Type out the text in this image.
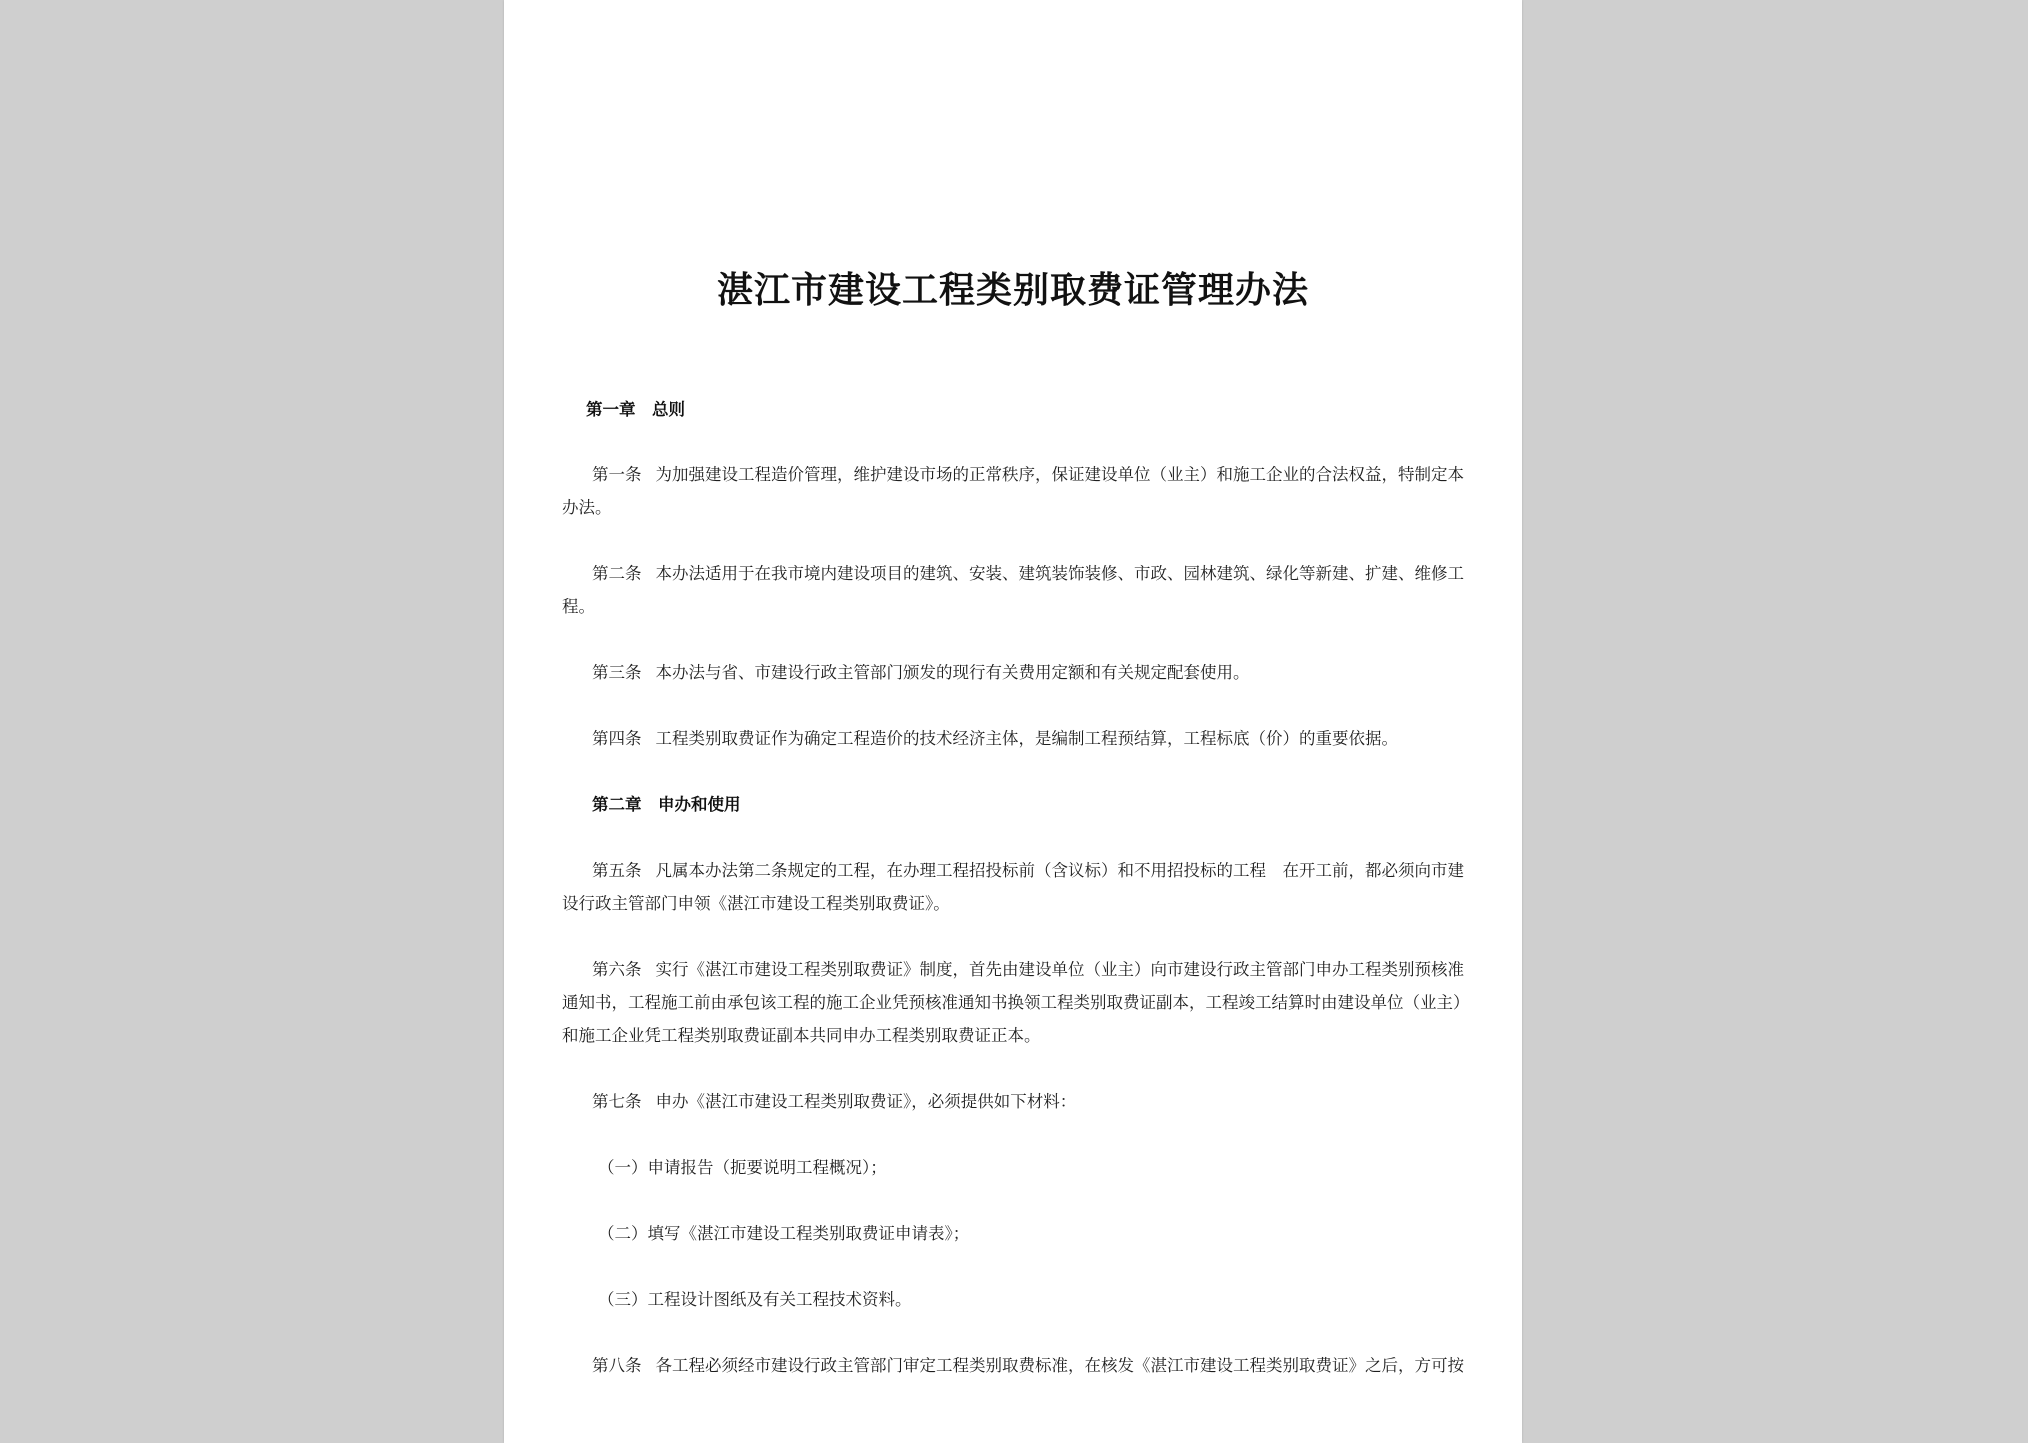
湛江市建设工程类别取费证管理办法
第一章　总则
第一条 为加强建设工程造价管理，维护建设市场的正常秩序，保证建设单位（业主）和施工企业的合法权益，特制定本
办法。
第二条 本办法适用于在我市境内建设项目的建筑、安装、建筑装饰装修、市政、园林建筑、绿化等新建、扩建、维修工
程。
第三条 本办法与省、市建设行政主管部门颁发的现行有关费用定额和有关规定配套使用。
第四条 工程类别取费证作为确定工程造价的技术经济主体，是编制工程预结算，工程标底（价）的重要依据。
第二章　申办和使用
第五条 凡属本办法第二条规定的工程，在办理工程招投标前（含议标）和不用招投标的工程　在开工前，都必须向市建
设行政主管部门申领《湛江市建设工程类别取费证》。
第六条 实行《湛江市建设工程类别取费证》制度，首先由建设单位（业主）向市建设行政主管部门申办工程类别预核准
通知书，工程施工前由承包该工程的施工企业凭预核准通知书换领工程类别取费证副本，工程竣工结算时由建设单位（业主）
和施工企业凭工程类别取费证副本共同申办工程类别取费证正本。
第七条 申办《湛江市建设工程类别取费证》，必须提供如下材料：
（一）申请报告（扼要说明工程概况）；
（二）填写《湛江市建设工程类别取费证申请表》；
（三）工程设计图纸及有关工程技术资料。
第八条 各工程必须经市建设行政主管部门审定工程类别取费标准，在核发《湛江市建设工程类别取费证》之后，方可按
